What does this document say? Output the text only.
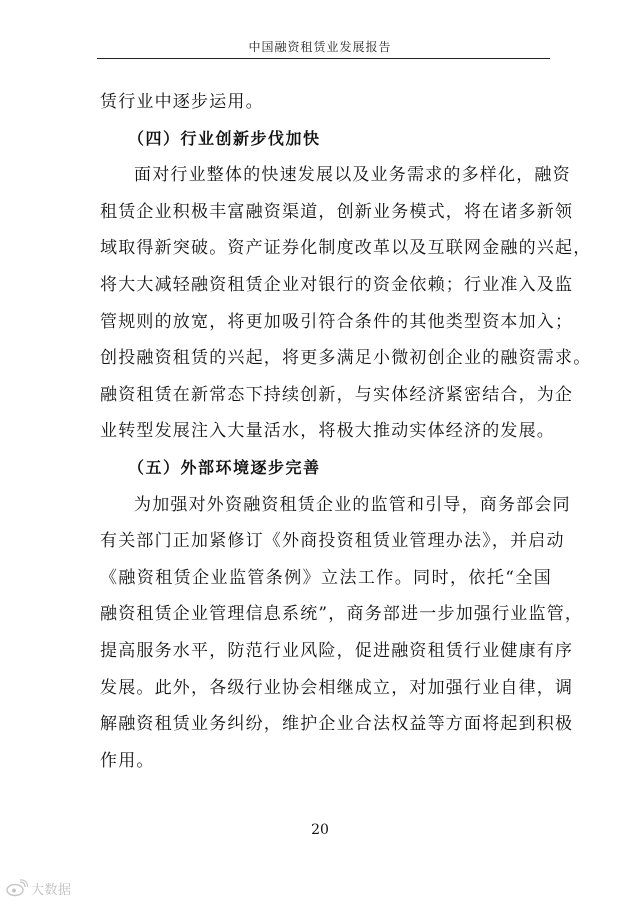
中国融资租赁业发展报告
赁行业中逐步运用。
（四）行业创新步伐加快
面对行业整体的快速发展以及业务需求的多样化，融资
租赁企业积极丰富融资渠道，创新业务模式，将在诸多新领
域取得新突破。资产证券化制度改革以及互联网金融的兴起，
将大大减轻融资租赁企业对银行的资金依赖；行业准入及监
管规则的放宽，将更加吸引符合条件的其他类型资本加入；
创投融资租赁的兴起，将更多满足小微初创企业的融资需求。
融资租赁在新常态下持续创新，与实体经济紧密结合，为企
业转型发展注入大量活水，将极大推动实体经济的发展。
（五）外部环境逐步完善
为加强对外资融资租赁企业的监管和引导，商务部会同
有关部门正加紧修订《外商投资租赁业管理办法》，并启动
《融资租赁企业监管条例》立法工作。同时，依托“全国
融资租赁企业管理信息系统”，商务部进一步加强行业监管，
提高服务水平，防范行业风险，促进融资租赁行业健康有序
发展。此外，各级行业协会相继成立，对加强行业自律，调
解融资租赁业务纠纷，维护企业合法权益等方面将起到积极
作用。
20
大数据
